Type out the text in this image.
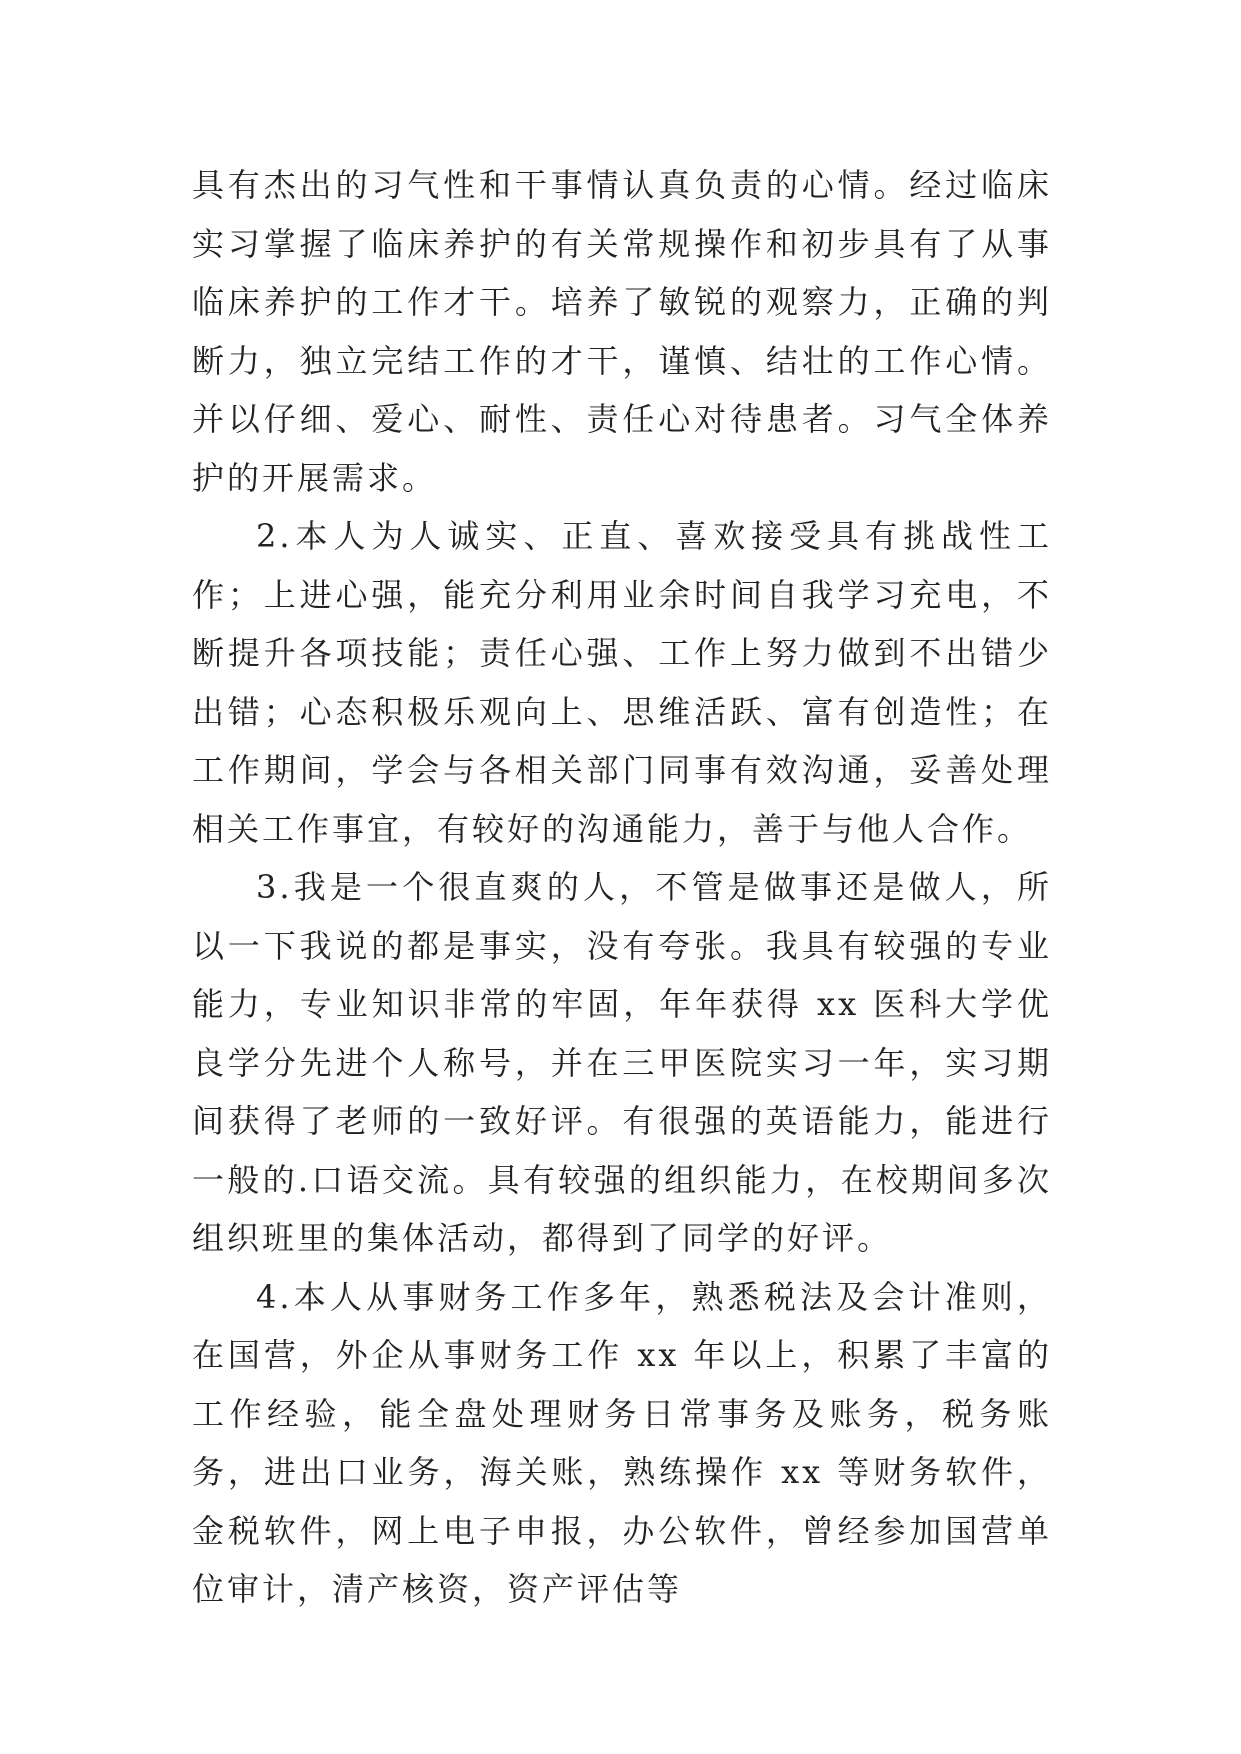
具有杰出的习气性和干事情认真负责的心情。经过临床实习掌握了临床养护的有关常规操作和初步具有了从事临床养护的工作才干。培养了敏锐的观察力，正确的判断力，独立完结工作的才干，谨慎、结壮的工作心情。并以仔细、爱心、耐性、责任心对待患者。习气全体养护的开展需求。

2.本人为人诚实、正直、喜欢接受具有挑战性工作；上进心强，能充分利用业余时间自我学习充电，不断提升各项技能；责任心强、工作上努力做到不出错少出错；心态积极乐观向上、思维活跃、富有创造性；在工作期间，学会与各相关部门同事有效沟通，妥善处理相关工作事宜，有较好的沟通能力，善于与他人合作。

3.我是一个很直爽的人，不管是做事还是做人，所以一下我说的都是事实，没有夸张。我具有较强的专业能力，专业知识非常的牢固，年年获得 xx 医科大学优良学分先进个人称号，并在三甲医院实习一年，实习期间获得了老师的一致好评。有很强的英语能力，能进行一般的.口语交流。具有较强的组织能力，在校期间多次组织班里的集体活动，都得到了同学的好评。

4.本人从事财务工作多年，熟悉税法及会计准则，在国营，外企从事财务工作 xx 年以上，积累了丰富的工作经验，能全盘处理财务日常事务及账务，税务账务，进出口业务，海关账，熟练操作 xx 等财务软件，金税软件，网上电子申报，办公软件，曾经参加国营单位审计，清产核资，资产评估等
